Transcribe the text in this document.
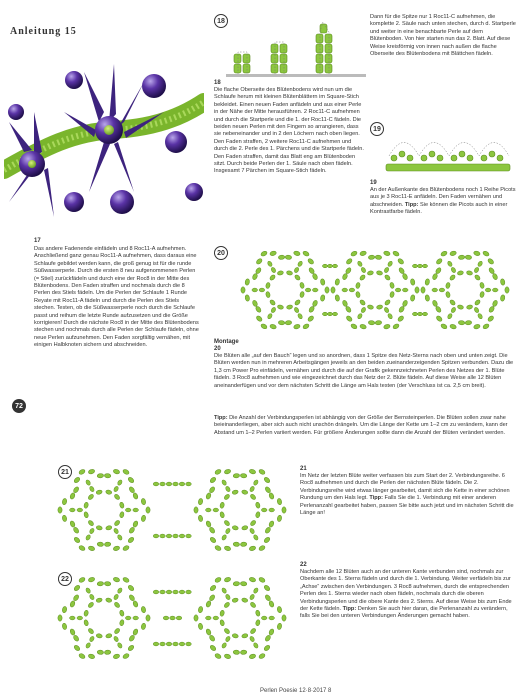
Anleitung 15
17
Das andere Fadenende einfädeln und 8 Roc11-A aufnehmen. Anschließend ganz genau Roc11-A aufnehmen, dass daraus eine Schlaufe gebildet werden kann, die groß genug ist für die runde Süßwasserperle. Durch die ersten 8 neu aufgenommenen Perlen (= Stiel) zurückfädeln und durch eine der Roc8 in der Mitte des Blütenbodens. Den Faden straffen und nochmals durch die 8 Perlen des Stiels fädeln. Um die Perlen der Schlaufe 1 Runde Reyate mit Roc11-A fädeln und durch die Perlen des Stiels stechen. Testen, ob die Süßwasserperle noch durch die Schlaufe passt und reihum die letzte Runde aufzusetzen und die Größe korrigieren! Durch die nächste Roc8 in der Mitte des Blütenbodens stechen und nochmals durch alle Perlen der Schlaufe fädeln, ohne neue Perlen aufzunehmen. Den Faden sorgfältig vernähen, mit einigen Halbknoten sichern und abschneiden.
72
18
18
Die flache Oberseite des Blütenbodens wird nun um die Schlaufe herum mit kleinen Blütenblättern im Square-Stich bekleidet. Einen neuen Faden anfädeln und aus einer Perle in der Nähe der Mitte herausführen. 2 Roc11-C aufnehmen und durch die Startperle und die 1. der Roc11-C fädeln. Die beiden neuen Perlen mit den Fingern so arrangieren, dass sie nebeneinander und in 2 den Löchern nach oben liegen. Den Faden straffen, 2 weitere Roc11-C aufnehmen und durch die 2. Perle des 1. Pärchens und die Startperle fädeln. Den Faden straffen, damit das Blatt eng am Blütenboden sitzt. Durch beide Perlen der 1. Säule nach oben fädeln. Insgesamt 7 Pärchen im Square-Stich fädeln.
Dann für die Spitze nur 1 Roc11-C aufnehmen, die komplette 2. Säule nach unten stechen, durch d. Startperle und weiter in eine benachbarte Perle auf dem Blütenboden. Von hier starten nun das 2. Blatt. Auf diese Weise kreisförmig von innen nach außen die flache Oberseite des Blütenbodens mit Blättchen fädeln.
19
19
An der Außenkante des Blütenbodens noch 1 Reihe Picots aus je 3 Roc11-E anfädeln. Den Faden vernähen und abschneiden. Tipp: Sie können die Picots auch in einer Kontrastfarbe fädeln.
20
Montage
20
Die Blüten alle „auf den Bauch“ legen und so anordnen, dass 1 Spitze des Netz-Sterns nach oben und unten zeigt. Die Blüten werden nun in mehreren Arbeitsgängen jeweils an den beiden zueinanderzeigenden Spitzen verbunden. Dazu die 1,3 cm Power Pro einfädeln, vernähen und durch die auf der Grafik gekennzeichneten Perlen des Netzes der 1. Blüte fädeln. 3 Roc8 aufnehmen und wie eingezeichnet durch das Netz der 2. Blüte fädeln. Auf diese Weise alle 12 Blüten aneinanderfügen und vor dem nächsten Schritt die Länge am Hals testen (der Verschluss ist ca. 2,5 cm breit).
Tipp: Die Anzahl der Verbindungsperlen ist abhängig von der Größe der Bernsteinperlen. Die Blüten sollen zwar nahe beieinanderliegen, aber sich auch nicht unschön drängeln. Um die Länge der Kette um 1–2 cm zu verändern, kann der Abstand um 1–2 Perlen variiert werden. Für größere Änderungen sollte dann die Anzahl der Blüten verändert werden.
21	21
Im Netz der letzten Blüte weiter verfassen bis zum Start der 2. Verbindungsreihe. 6 Roc8 aufnehmen und durch die Perlen der nächsten Blüte fädeln. Die 2. Verbindungsreihe wird etwas länger gearbeitet, damit sich die Kette in einer schönen Rundung um den Hals legt. Tipp: Falls Sie die 1. Verbindung mit einer anderen Perlenanzahl gearbeitet haben, passen Sie bitte auch jetzt und im nächsten Schritt die Länge an!
22
22
Nachdem alle 12 Blüten auch an der unteren Kante verbunden sind, nochmals zur Oberkante des 1. Sterns fädeln und durch die 1. Verbindung. Weiter verfädeln bis zur „Achse“ zwischen den Verbindungen. 3 Roc8 aufnehmen, durch die entsprechenden Perlen des 1. Sterns wieder nach oben fädeln, nochmals durch die oberen Verbindungsperlen und die obere Kante des 2. Sterns. Auf diese Weise bis zum Ende der Kette fädeln. Tipp: Denken Sie auch hier daran, die Perlenanzahl zu verändern, falls Sie bei den unteren Verbindungen Änderungen gemacht haben.
Perlen Poesie 12·8·2017 8
